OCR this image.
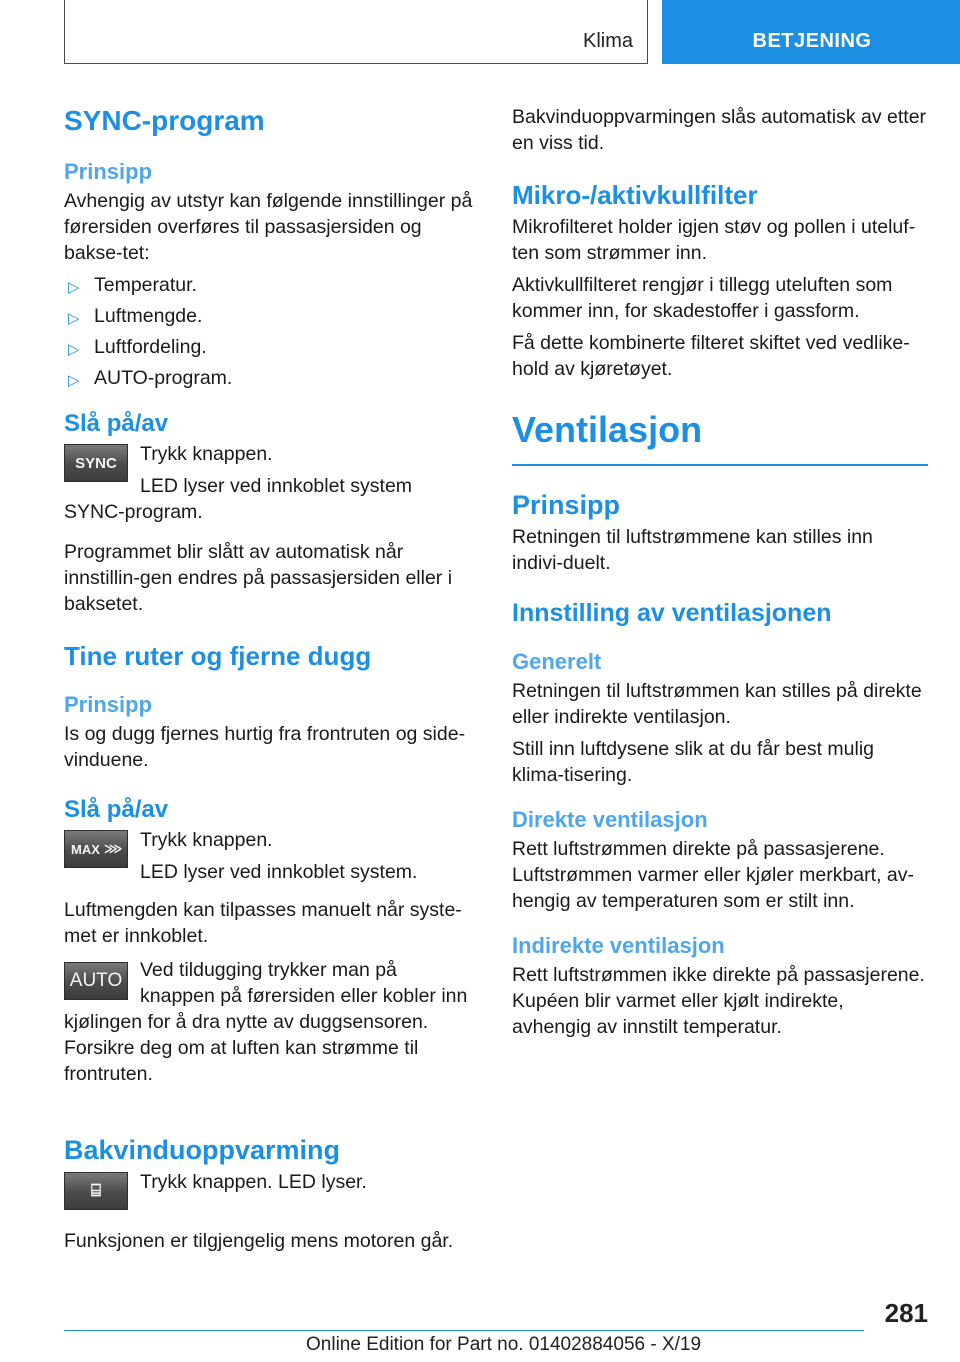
Klima	BETJENING
SYNC-program
Prinsipp

Avhengig av utstyr kan følgende innstillinger på førersiden overføres til passasjersiden og bakse-tet:

▷ Temperatur.
▷ Luftmengde.
▷ Luftfordeling.
▷ AUTO-program.
Slå på/av
SYNC	Trykk knappen.

LED lyser ved innkoblet system SYNC-program.

Programmet blir slått av automatisk når innstillin-gen endres på passasjersiden eller i baksetet.

Tine ruter og fjerne dugg
Prinsipp

Is og dugg fjernes hurtig fra frontruten og side-vinduene.

Slå på/av
MAX ⋙ Trykk knappen.

LED lyser ved innkoblet system.

Luftmengden kan tilpasses manuelt når syste-met er innkoblet.

AUTO Ved tildugging trykker man på knappen på førersiden eller kobler inn kjølingen for å dra nytte av duggsensoren. Forsikre deg om at luften kan strømme til frontruten.

Bakvinduoppvarming
⌸	Trykk knappen. LED lyser.

Funksjonen er tilgjengelig mens motoren går.

Bakvinduoppvarmingen slås automatisk av etter en viss tid.

Mikro-/aktivkullfilter

Mikrofilteret holder igjen støv og pollen i uteluf-ten som strømmer inn.

Aktivkullfilteret rengjør i tillegg uteluften som kommer inn, for skadestoffer i gassform.

Få dette kombinerte filteret skiftet ved vedlike-hold av kjøretøyet.

Ventilasjon
Prinsipp

Retningen til luftstrømmene kan stilles inn indivi-duelt.

Innstilling av ventilasjonen
Generelt

Retningen til luftstrømmen kan stilles på direkte eller indirekte ventilasjon.

Still inn luftdysene slik at du får best mulig klima-tisering.

Direkte ventilasjon

Rett luftstrømmen direkte på passasjerene. Luftstrømmen varmer eller kjøler merkbart, av-hengig av temperaturen som er stilt inn.

Indirekte ventilasjon

Rett luftstrømmen ikke direkte på passasjerene. Kupéen blir varmet eller kjølt indirekte, avhengig av innstilt temperatur.

281
Online Edition for Part no. 01402884056 - X/19
